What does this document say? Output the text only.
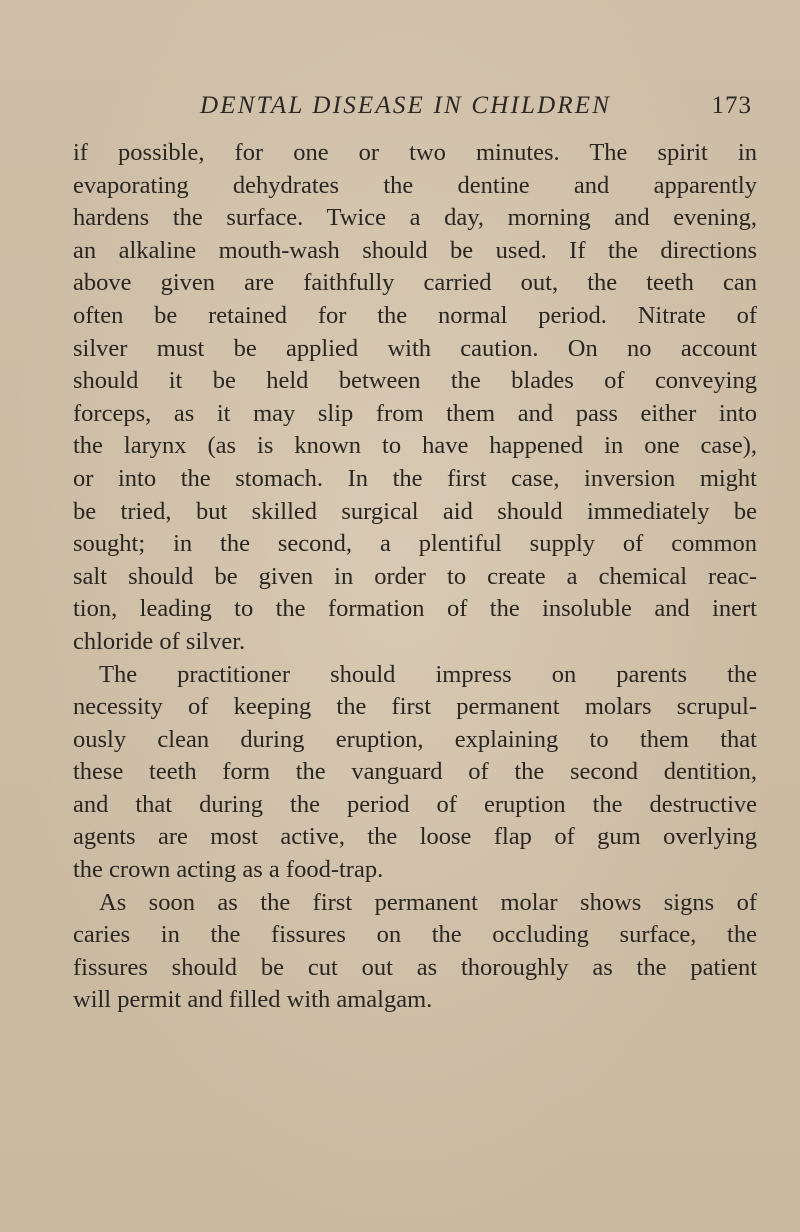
DENTAL DISEASE IN CHILDREN	173
if possible, for one or two minutes. The spirit in
evaporating dehydrates the dentine and apparently
hardens the surface. Twice a day, morning and evening,
an alkaline mouth-wash should be used. If the directions
above given are faithfully carried out, the teeth can
often be retained for the normal period. Nitrate of
silver must be applied with caution. On no account
should it be held between the blades of conveying
forceps, as it may slip from them and pass either into
the larynx (as is known to have happened in one case),
or into the stomach. In the first case, inversion might
be tried, but skilled surgical aid should immediately be
sought; in the second, a plentiful supply of common
salt should be given in order to create a chemical reac-
tion, leading to the formation of the insoluble and inert
chloride of silver.
The practitioner should impress on parents the
necessity of keeping the first permanent molars scrupul-
ously clean during eruption, explaining to them that
these teeth form the vanguard of the second dentition,
and that during the period of eruption the destructive
agents are most active, the loose flap of gum overlying
the crown acting as a food-trap.
As soon as the first permanent molar shows signs of
caries in the fissures on the occluding surface, the
fissures should be cut out as thoroughly as the patient
will permit and filled with amalgam.
